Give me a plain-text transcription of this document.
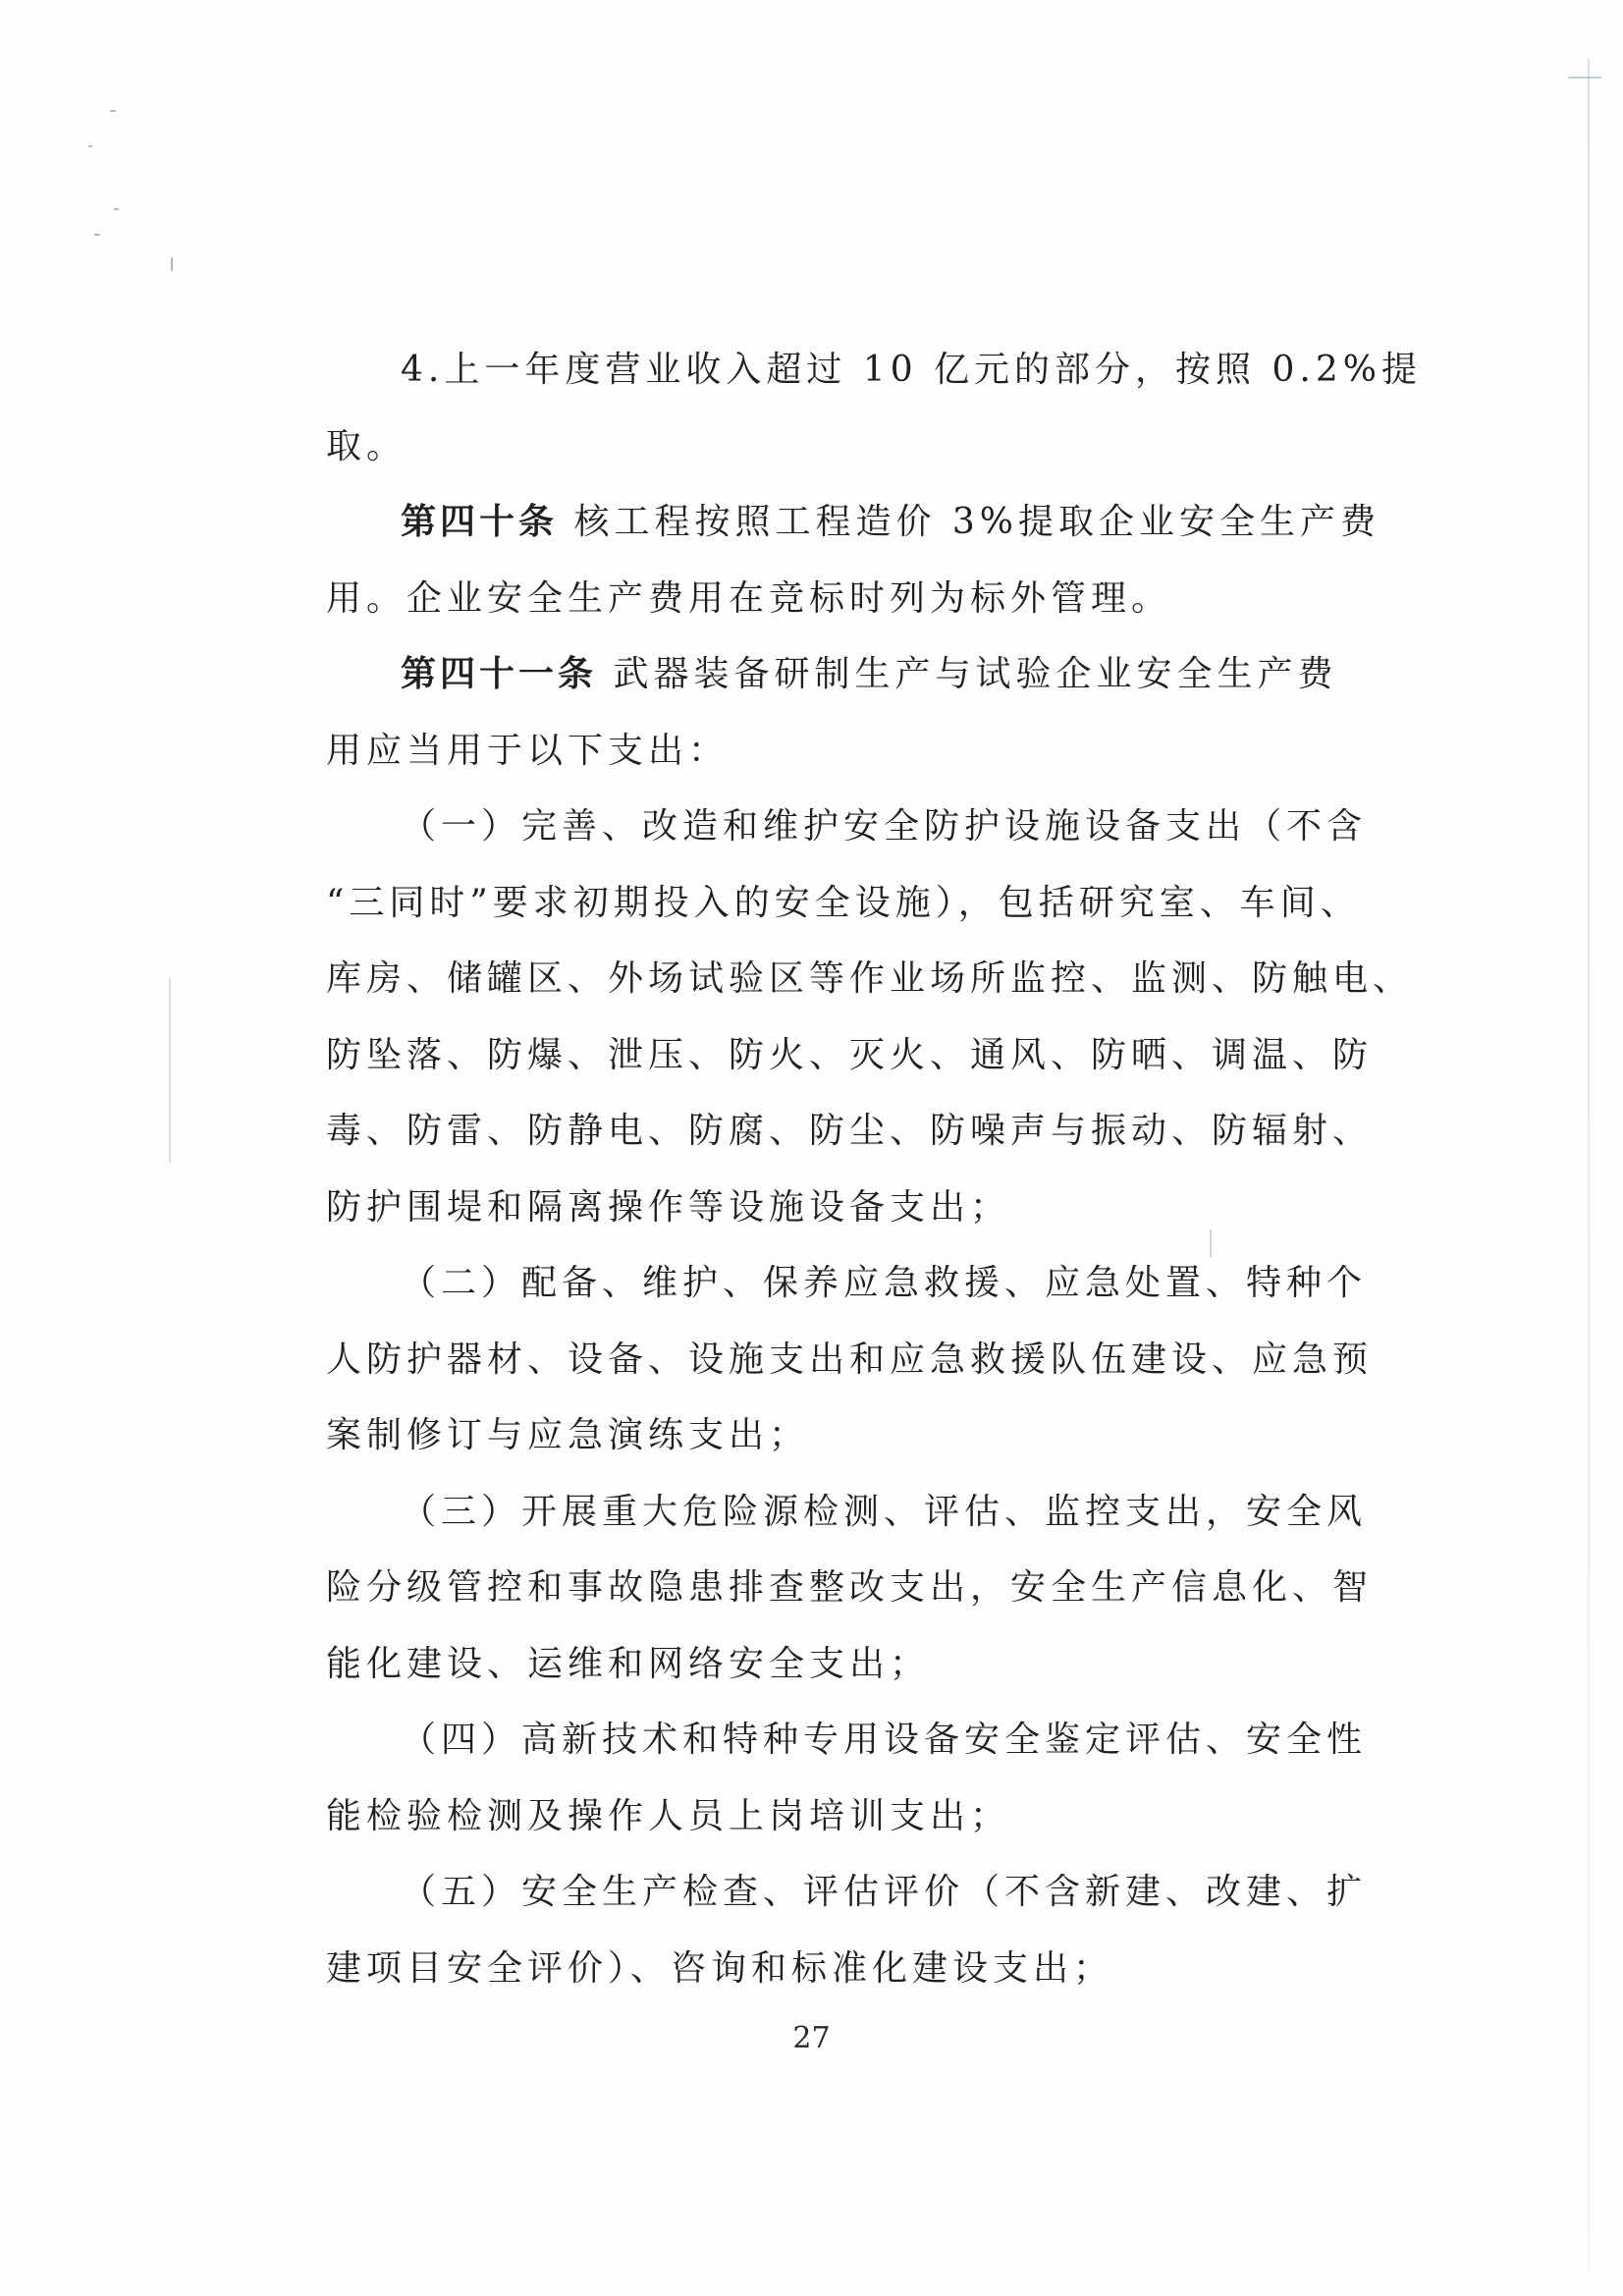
4.上一年度营业收入超过 10 亿元的部分，按照 0.2%提
取。
第四十条 核工程按照工程造价 3%提取企业安全生产费
用。企业安全生产费用在竞标时列为标外管理。
第四十一条 武器装备研制生产与试验企业安全生产费
用应当用于以下支出：
（一）完善、改造和维护安全防护设施设备支出（不含
“三同时”要求初期投入的安全设施），包括研究室、车间、
库房、储罐区、外场试验区等作业场所监控、监测、防触电、
防坠落、防爆、泄压、防火、灭火、通风、防晒、调温、防
毒、防雷、防静电、防腐、防尘、防噪声与振动、防辐射、
防护围堤和隔离操作等设施设备支出；
（二）配备、维护、保养应急救援、应急处置、特种个
人防护器材、设备、设施支出和应急救援队伍建设、应急预
案制修订与应急演练支出；
（三）开展重大危险源检测、评估、监控支出，安全风
险分级管控和事故隐患排查整改支出，安全生产信息化、智
能化建设、运维和网络安全支出；
（四）高新技术和特种专用设备安全鉴定评估、安全性
能检验检测及操作人员上岗培训支出；
（五）安全生产检查、评估评价（不含新建、改建、扩
建项目安全评价）、咨询和标准化建设支出；
27
